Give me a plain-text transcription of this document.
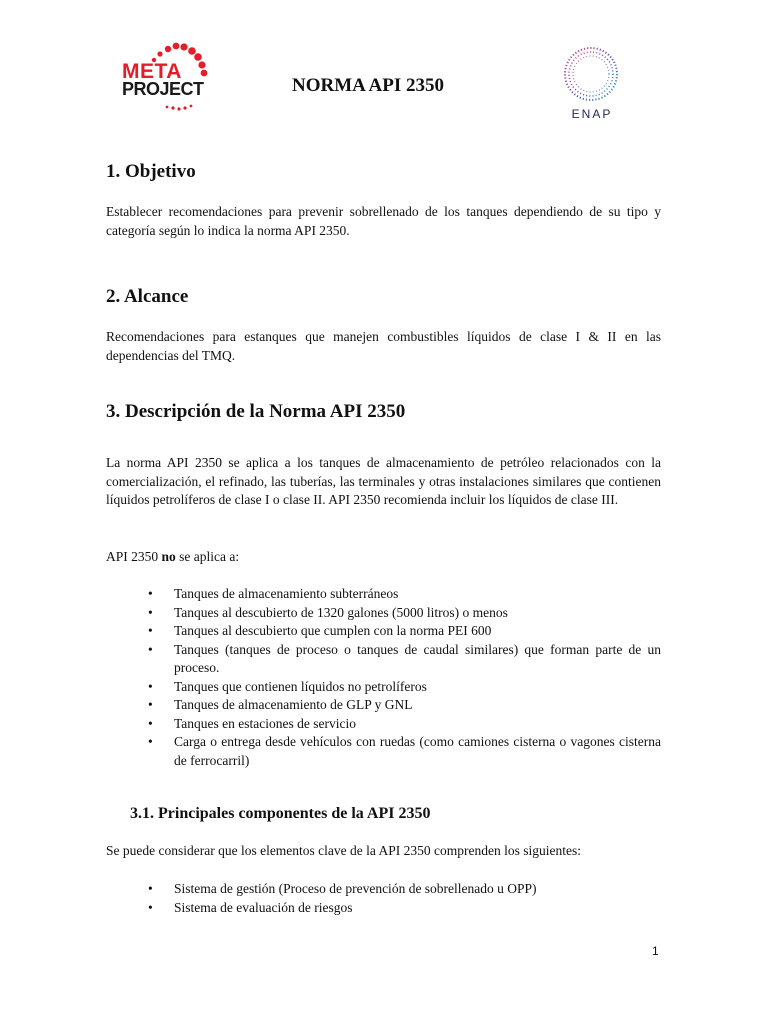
META
PROJECT	NORMA API 2350
ENAP
1. Objetivo
Establecer recomendaciones para prevenir sobrellenado de los tanques dependiendo de su tipo y categoría según lo indica la norma API 2350.
2. Alcance
Recomendaciones para estanques que manejen combustibles líquidos de clase I & II en las dependencias del TMQ.
3. Descripción de la Norma API 2350
La norma API 2350 se aplica a los tanques de almacenamiento de petróleo relacionados con la comercialización, el refinado, las tuberías, las terminales y otras instalaciones similares que contienen líquidos petrolíferos de clase I o clase II. API 2350 recomienda incluir los líquidos de clase III.
API 2350 no se aplica a:
• Tanques de almacenamiento subterráneos
• Tanques al descubierto de 1320 galones (5000 litros) o menos
• Tanques al descubierto que cumplen con la norma PEI 600
• Tanques (tanques de proceso o tanques de caudal similares) que forman parte de un proceso.
• Tanques que contienen líquidos no petrolíferos
• Tanques de almacenamiento de GLP y GNL
• Tanques en estaciones de servicio
• Carga o entrega desde vehículos con ruedas (como camiones cisterna o vagones cisterna de ferrocarril)
3.1. Principales componentes de la API 2350
Se puede considerar que los elementos clave de la API 2350 comprenden los siguientes:
• Sistema de gestión (Proceso de prevención de sobrellenado u OPP)
• Sistema de evaluación de riesgos
1
